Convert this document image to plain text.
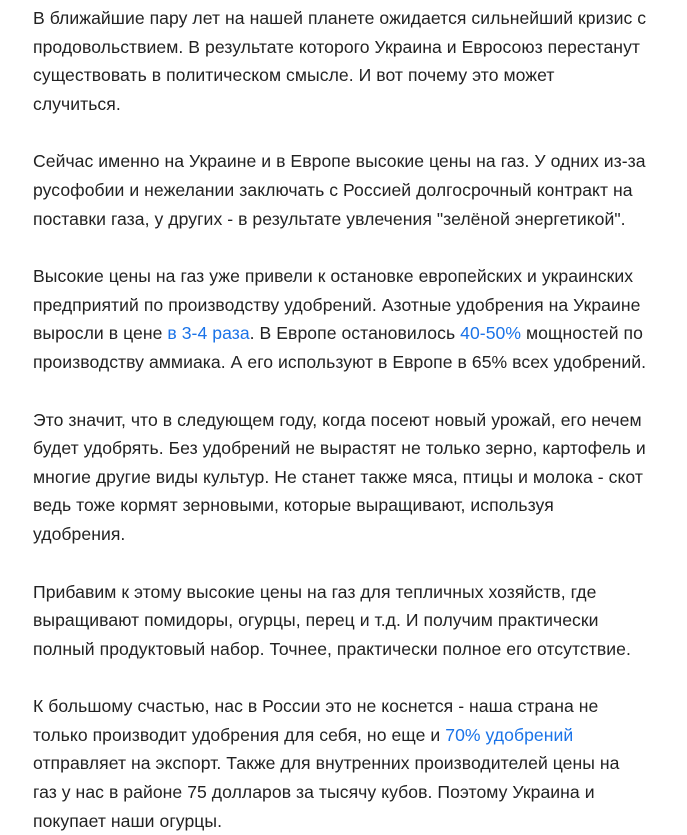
В ближайшие пару лет на нашей планете ожидается сильнейший кризис с продовольствием. В результате которого Украина и Евросоюз перестанут существовать в политическом смысле. И вот почему это может случиться.

Сейчас именно на Украине и в Европе высокие цены на газ. У одних из-за русофобии и нежелании заключать с Россией долгосрочный контракт на поставки газа, у других - в результате увлечения "зелёной энергетикой".

Высокие цены на газ уже привели к остановке европейских и украинских предприятий по производству удобрений. Азотные удобрения на Украине выросли в цене в 3-4 раза. В Европе остановилось 40-50% мощностей по производству аммиака. А его используют в Европе в 65% всех удобрений.

Это значит, что в следующем году, когда посеют новый урожай, его нечем будет удобрять. Без удобрений не вырастят не только зерно, картофель и многие другие виды культур. Не станет также мяса, птицы и молока - скот ведь тоже кормят зерновыми, которые выращивают, используя удобрения.

Прибавим к этому высокие цены на газ для тепличных хозяйств, где выращивают помидоры, огурцы, перец и т.д. И получим практически полный продуктовый набор. Точнее, практически полное его отсутствие.

К большому счастью, нас в России это не коснется - наша страна не только производит удобрения для себя, но еще и 70% удобрений отправляет на экспорт. Также для внутренних производителей цены на газ у нас в районе 75 долларов за тысячу кубов. Поэтому Украина и покупает наши огурцы.
